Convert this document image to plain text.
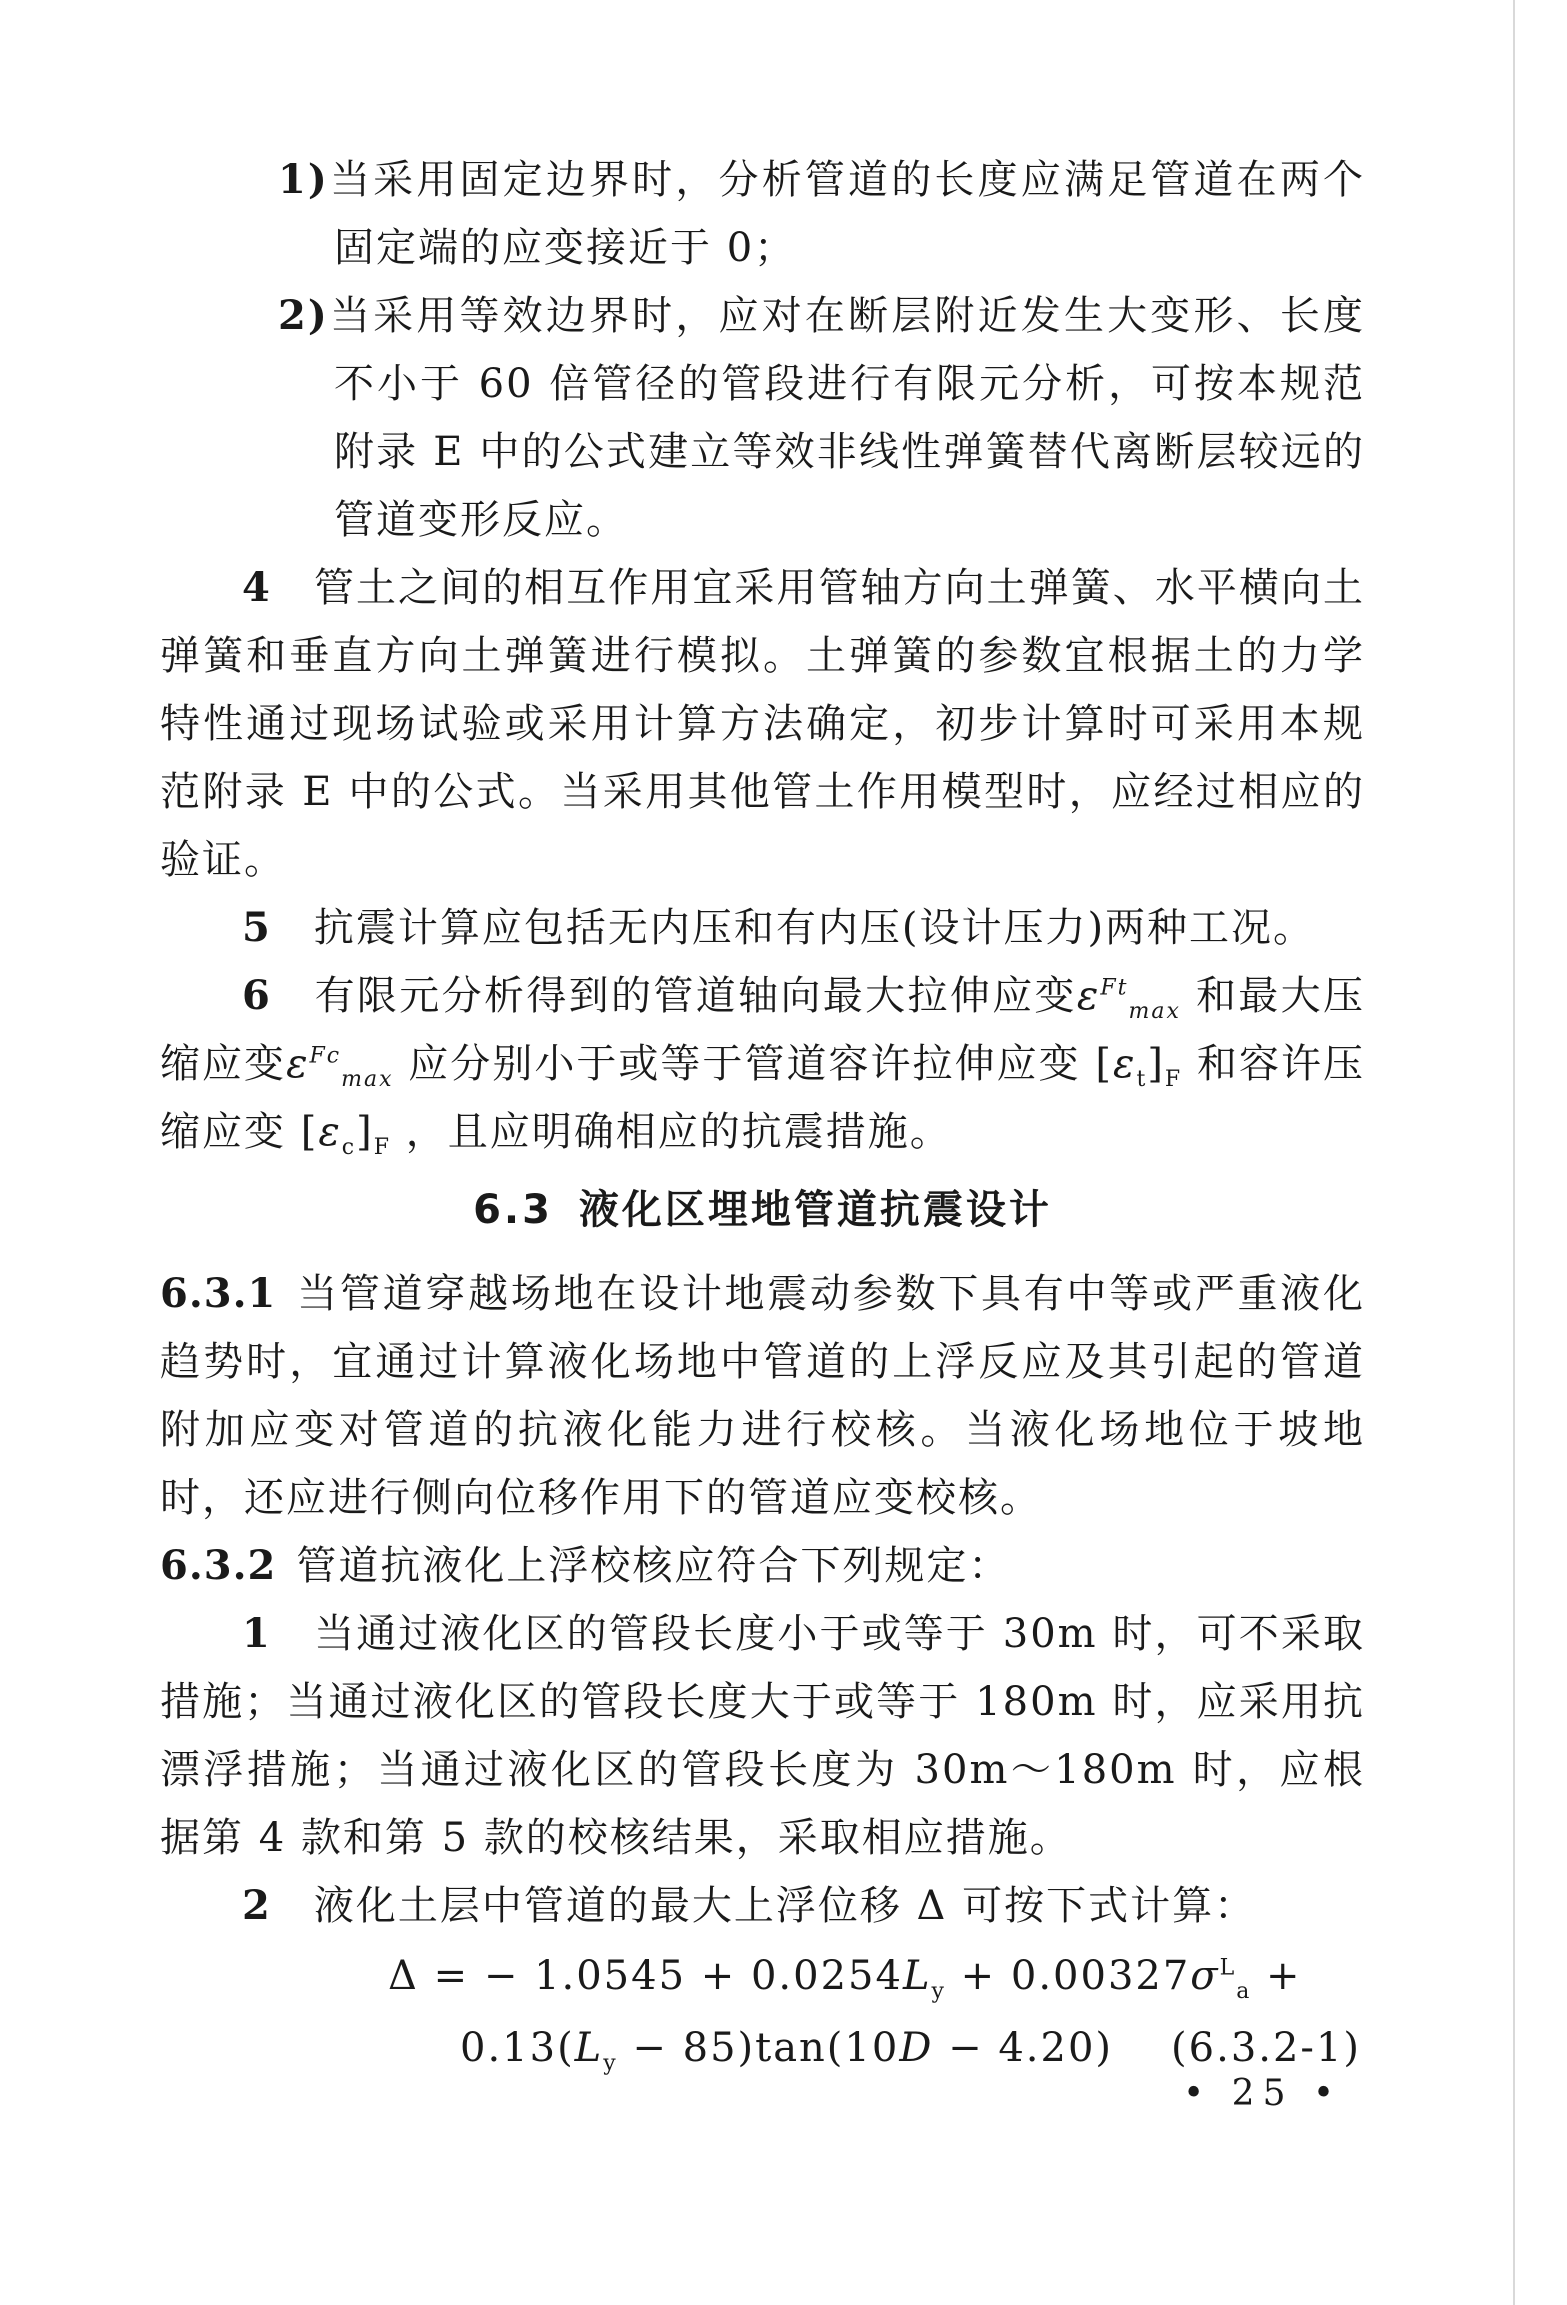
1)当采用固定边界时，分析管道的长度应满足管道在两个固定端的应变接近于 0；

2)当采用等效边界时，应对在断层附近发生大变形、长度不小于 60 倍管径的管段进行有限元分析，可按本规范附录 E 中的公式建立等效非线性弹簧替代离断层较远的管道变形反应。

4　 管土之间的相互作用宜采用管轴方向土弹簧、水平横向土弹簧和垂直方向土弹簧进行模拟。土弹簧的参数宜根据土的力学特性通过现场试验或采用计算方法确定，初步计算时可采用本规范附录 E 中的公式。当采用其他管土作用模型时，应经过相应的验证。

5　 抗震计算应包括无内压和有内压(设计压力)两种工况。

6　 有限元分析得到的管道轴向最大拉伸应变$\varepsilon^{Ft}_{max}$ 和最大压缩应变$\varepsilon^{Fc}_{max}$ 应分别小于或等于管道容许拉伸应变 $[\varepsilon_t]_F$ 和容许压缩应变 $[\varepsilon_c]_F$ ，且应明确相应的抗震措施。

6.3 液化区埋地管道抗震设计

6.3.1 当管道穿越场地在设计地震动参数下具有中等或严重液化趋势时，宜通过计算液化场地中管道的上浮反应及其引起的管道附加应变对管道的抗液化能力进行校核。当液化场地位于坡地时，还应进行侧向位移作用下的管道应变校核。

6.3.2 管道抗液化上浮校核应符合下列规定：

1　 当通过液化区的管段长度小于或等于 30m 时，可不采取措施；当通过液化区的管段长度大于或等于 180m 时，应采用抗漂浮措施；当通过液化区的管段长度为 30m～180m 时，应根据第 4 款和第 5 款的校核结果，采取相应措施。

2　 液化土层中管道的最大上浮位移 Δ 可按下式计算：

Δ = − $1.0545 + 0.0254L_y + 0.00327\sigma^L_a$ +
$0.13(L_y - 85)\tan(10D - 4.20)$ (6.3.2-1)
• 25 •
